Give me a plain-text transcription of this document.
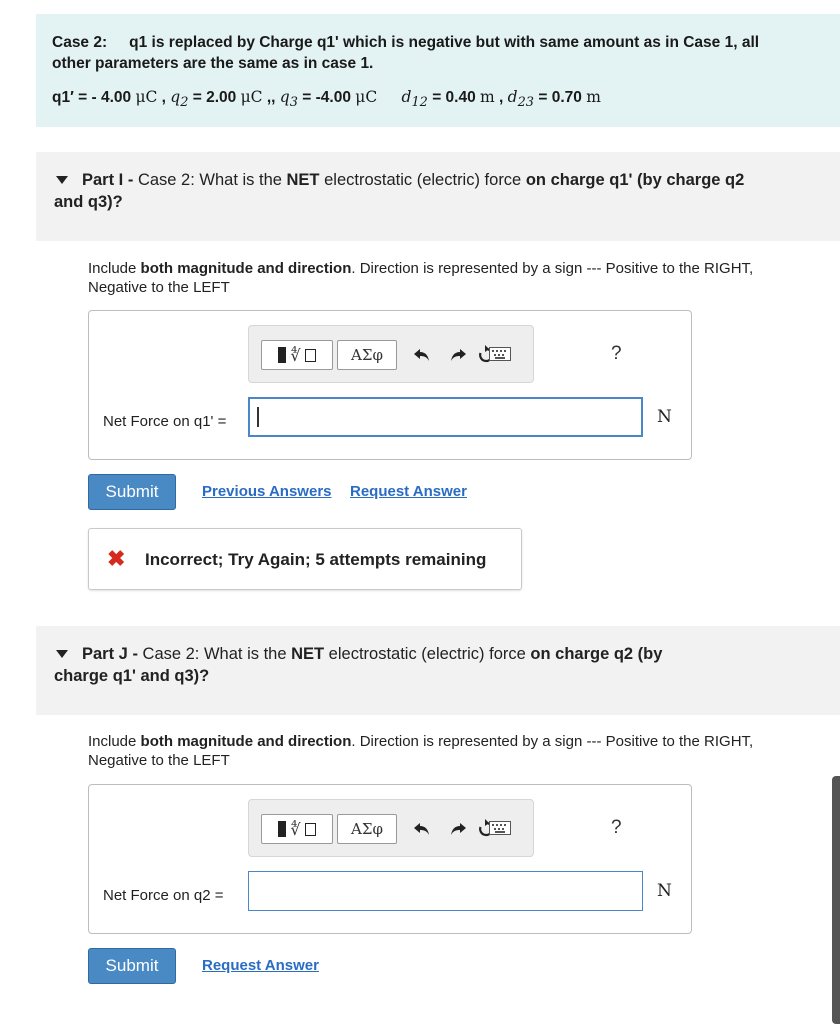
Case 2: q1 is replaced by Charge q1' which is negative but with same amount as in Case 1, all
other parameters are the same as in case 1.
q1′ = - 4.00 μC , $q_2 = 2.00$ μC ,, $q_3 = -4.00$ μC $d_{12} = 0.40$ m , $d_{23} = 0.70$ m
Part I - Case 2: What is the NET electrostatic (electric) force on charge q1' (by charge q2
and q3)?
Include both magnitude and direction. Direction is represented by a sign --- Positive to the RIGHT,
Negative to the LEFT
∜	ΑΣφ	?
Net Force on q1' =	N
Submit	Previous Answers Request Answer
✖ Incorrect; Try Again; 5 attempts remaining
Part J - Case 2: What is the NET electrostatic (electric) force on charge q2 (by
charge q1' and q3)?
Include both magnitude and direction. Direction is represented by a sign --- Positive to the RIGHT,
Negative to the LEFT
∜	ΑΣφ	?
Net Force on q2 =	N
Submit	Request Answer
